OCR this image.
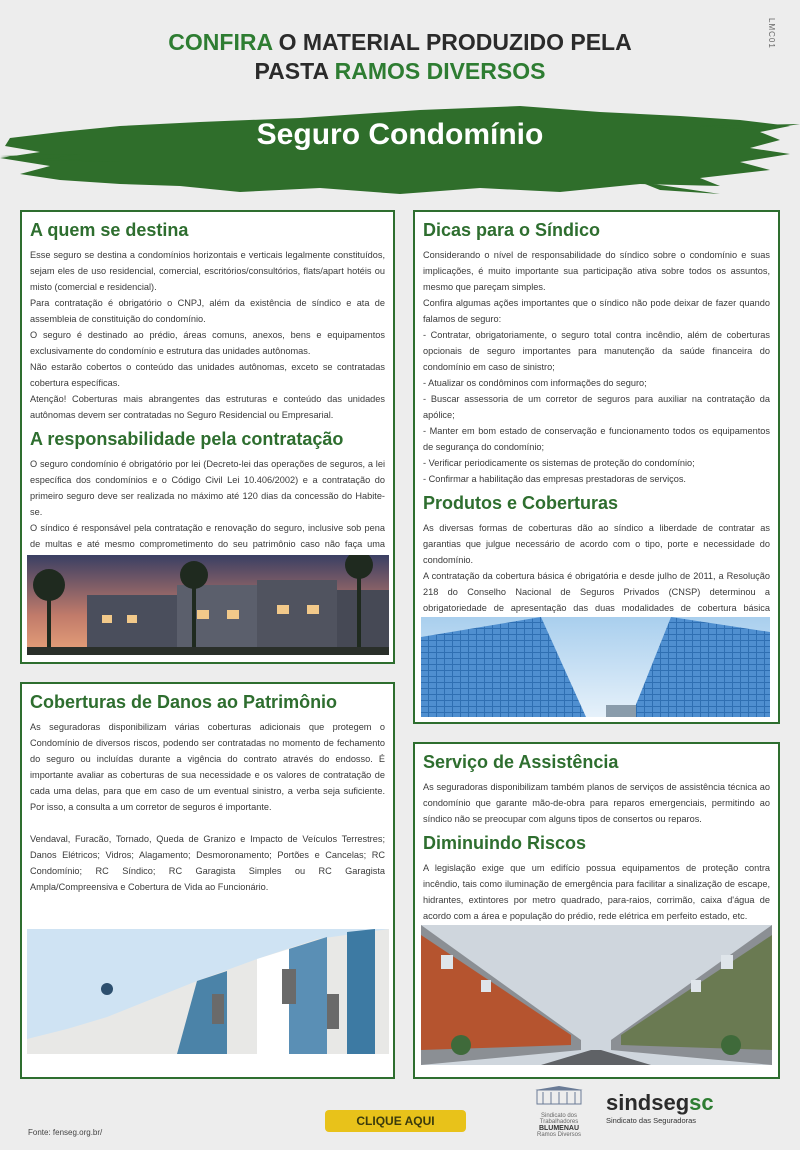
CONFIRA O MATERIAL PRODUZIDO PELA
PASTA RAMOS DIVERSOS
LMC01
Seguro Condomínio
A quem se destina
Esse seguro se destina a condomínios horizontais e verticais legalmente constituídos, sejam eles de uso residencial, comercial, escritórios/consultórios, flats/apart hotéis ou misto (comercial e residencial).
Para contratação é obrigatório o CNPJ, além da existência de síndico e ata de assembleia de constituição do condomínio.
O seguro é destinado ao prédio, áreas comuns, anexos, bens e equipamentos exclusivamente do condomínio e estrutura das unidades autônomas.
Não estarão cobertos o conteúdo das unidades autônomas, exceto se contratadas cobertura específicas.
Atenção! Coberturas mais abrangentes das estruturas e conteúdo das unidades autônomas devem ser contratadas no Seguro Residencial ou Empresarial.
A responsabilidade pela contratação
O seguro condomínio é obrigatório por lei (Decreto-lei das operações de seguros, a lei específica dos condomínios e o Código Civil Lei 10.406/2002) e a contratação do primeiro seguro deve ser realizada no máximo até 120 dias da concessão do Habite-se.
O síndico é responsável pela contratação e renovação do seguro, inclusive sob pena de multas e até mesmo comprometimento do seu patrimônio caso não faça uma
Dicas para o Síndico
Considerando o nível de responsabilidade do síndico sobre o condomínio e suas implicações, é muito importante sua participação ativa sobre todos os assuntos, mesmo que pareçam simples.
Confira algumas ações importantes que o síndico não pode deixar de fazer quando falamos de seguro:
- Contratar, obrigatoriamente, o seguro total contra incêndio, além de coberturas opcionais de seguro importantes para manutenção da saúde financeira do condomínio em caso de sinistro;
- Atualizar os condôminos com informações do seguro;
- Buscar assessoria de um corretor de seguros para auxiliar na contratação da apólice;
- Manter em bom estado de conservação e funcionamento todos os equipamentos de segurança do condomínio;
- Verificar periodicamente os sistemas de proteção do condomínio;
- Confirmar a habilitação das empresas prestadoras de serviços.
Produtos e Coberturas
As diversas formas de coberturas dão ao síndico a liberdade de contratar as garantias que julgue necessário de acordo com o tipo, porte e necessidade do condomínio.
A contratação da cobertura básica é obrigatória e desde julho de 2011, a Resolução 218 do Conselho Nacional de Seguros Privados (CNSP) determinou a obrigatoriedade de apresentação das duas modalidades de cobertura básica
Coberturas de Danos ao Patrimônio
As seguradoras disponibilizam várias coberturas adicionais que protegem o Condomínio de diversos riscos, podendo ser contratadas no momento de fechamento do seguro ou incluídas durante a vigência do contrato através do endosso. É importante avaliar as coberturas de sua necessidade e os valores de contratação de cada uma delas, para que em caso de um eventual sinistro, a verba seja suficiente. Por isso, a consulta a um corretor de seguros é importante.
Vendaval, Furacão, Tornado, Queda de Granizo e Impacto de Veículos Terrestres; Danos Elétricos; Vidros; Alagamento; Desmoronamento; Portões e Cancelas; RC Condomínio; RC Síndico; RC Garagista Simples ou RC Garagista Ampla/Compreensiva e Cobertura de Vida ao Funcionário.
Serviço de Assistência
As seguradoras disponibilizam também planos de serviços de assistência técnica ao condomínio que garante mão-de-obra para reparos emergenciais, permitindo ao síndico não se preocupar com alguns tipos de consertos ou reparos.
Diminuindo Riscos
A legislação exige que um edifício possua equipamentos de proteção contra incêndio, tais como iluminação de emergência para facilitar a sinalização de escape, hidrantes, extintores por metro quadrado, para-raios, corrimão, caixa d'água de acordo com a área e população do prédio, rede elétrica em perfeito estado, etc.
Fonte: fenseg.org.br/
CLIQUE AQUI	Sindicato dos Trabalhadores
BLUMENAU
Ramos Diversos
sindsegsc
Sindicato das Seguradoras
